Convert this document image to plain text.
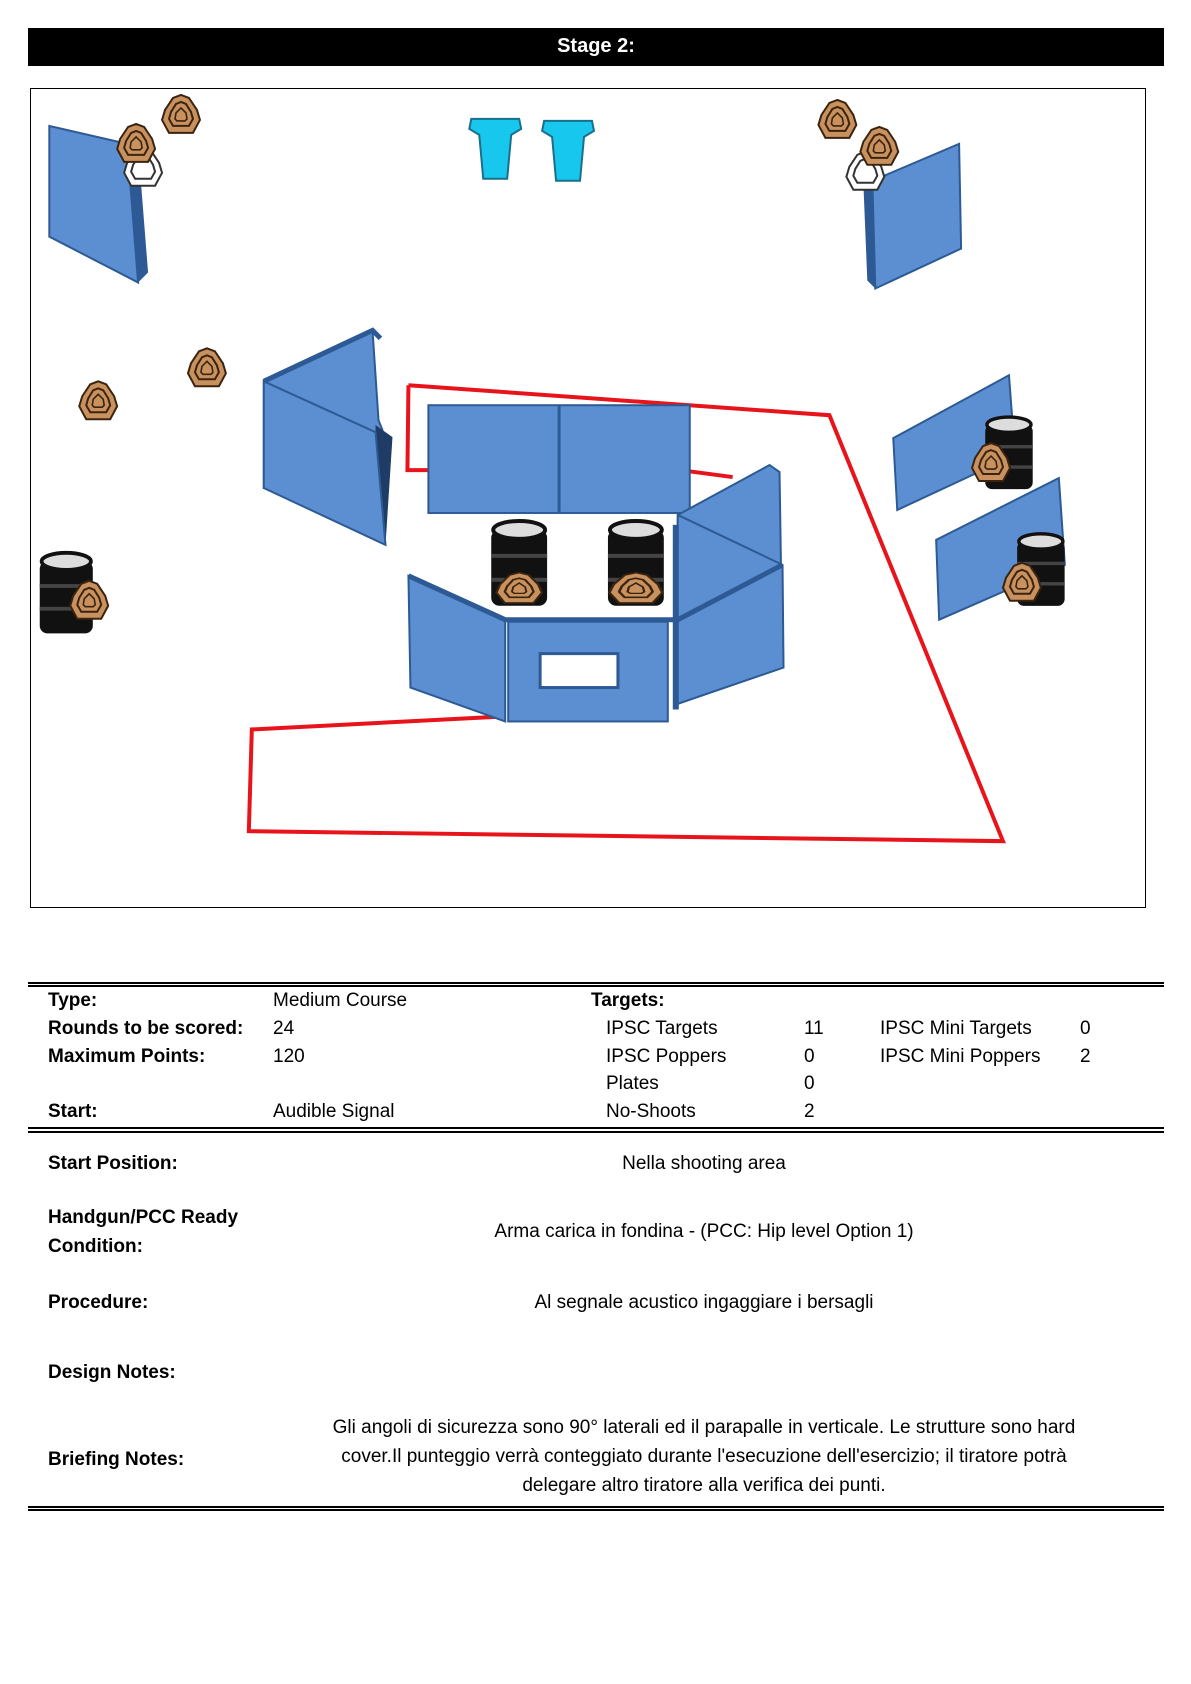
Stage 2:
Type:	Medium Course
Rounds to be scored: 24
Maximum Points:	120
Start:	Audible Signal
Targets:
IPSC Targets	11
IPSC Poppers	0
Plates	0
No-Shoots	2
IPSC Mini Targets	0
IPSC Mini Poppers 2
Start Position:	Nella shooting area
Handgun/PCC Ready
Condition:
Arma carica in fondina - (PCC: Hip level Option 1)
Procedure:	Al segnale acustico ingaggiare i bersagli
Design Notes:
Briefing Notes:
Gli angoli di sicurezza sono 90° laterali ed il parapalle in verticale. Le strutture sono hard
cover.Il punteggio verrà conteggiato durante l'esecuzione dell'esercizio; il tiratore potrà
delegare altro tiratore alla verifica dei punti.
